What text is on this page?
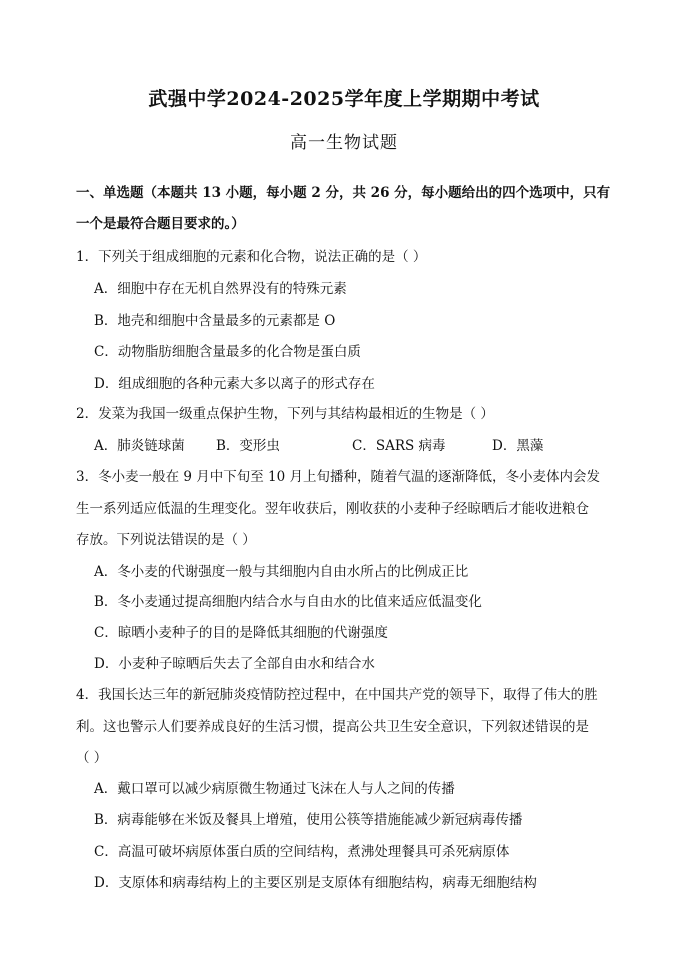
武强中学2024-2025学年度上学期期中考试
高一生物试题
一、单选题（本题共 13 小题，每小题 2 分，共 26 分，每小题给出的四个选项中，只有
一个是最符合题目要求的。）
1．下列关于组成细胞的元素和化合物，说法正确的是（ ）
A．细胞中存在无机自然界没有的特殊元素
B．地壳和细胞中含量最多的元素都是 O
C．动物脂肪细胞含量最多的化合物是蛋白质
D．组成细胞的各种元素大多以离子的形式存在
2．发菜为我国一级重点保护生物，下列与其结构最相近的生物是（ ）
A．肺炎链球菌 B．变形虫	C．SARS 病毒	D．黑藻
3．冬小麦一般在 9 月中下旬至 10 月上旬播种，随着气温的逐渐降低，冬小麦体内会发
生一系列适应低温的生理变化。翌年收获后，刚收获的小麦种子经晾晒后才能收进粮仓
存放。下列说法错误的是（ ）
A．冬小麦的代谢强度一般与其细胞内自由水所占的比例成正比
B．冬小麦通过提高细胞内结合水与自由水的比值来适应低温变化
C．晾晒小麦种子的目的是降低其细胞的代谢强度
D．小麦种子晾晒后失去了全部自由水和结合水
4．我国长达三年的新冠肺炎疫情防控过程中，在中国共产党的领导下，取得了伟大的胜
利。这也警示人们要养成良好的生活习惯，提高公共卫生安全意识，下列叙述错误的是
（ ）
A．戴口罩可以减少病原微生物通过飞沫在人与人之间的传播
B．病毒能够在米饭及餐具上增殖，使用公筷等措施能减少新冠病毒传播
C．高温可破坏病原体蛋白质的空间结构，煮沸处理餐具可杀死病原体
D．支原体和病毒结构上的主要区别是支原体有细胞结构，病毒无细胞结构
